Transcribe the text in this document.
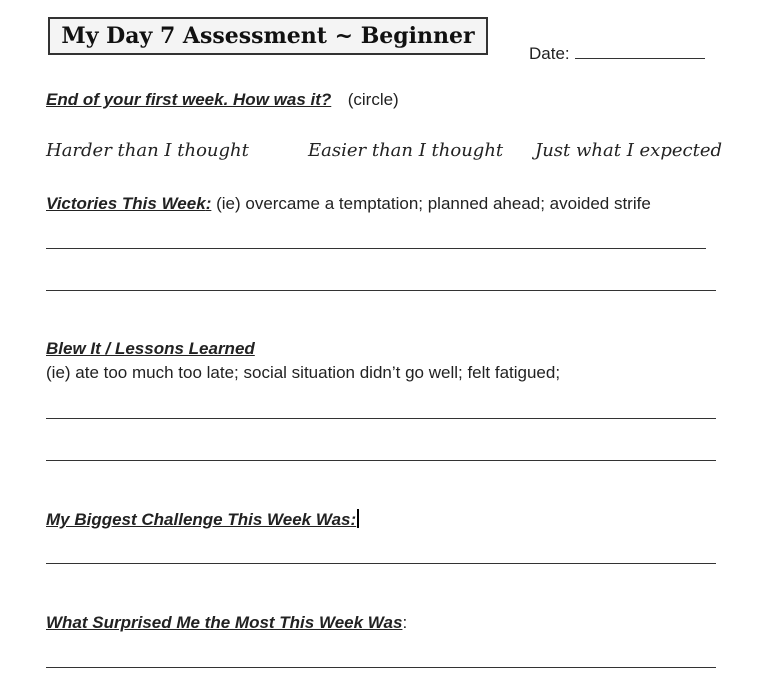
My Day 7 Assessment ~ Beginner
Date:
End of your first week. How was it? (circle)
Harder than I thought	Easier than I thought Just what I expected
Victories This Week: (ie) overcame a temptation; planned ahead; avoided strife
Blew It / Lessons Learned
(ie) ate too much too late; social situation didn’t go well; felt fatigued;
My Biggest Challenge This Week Was:
What Surprised Me the Most This Week Was:
